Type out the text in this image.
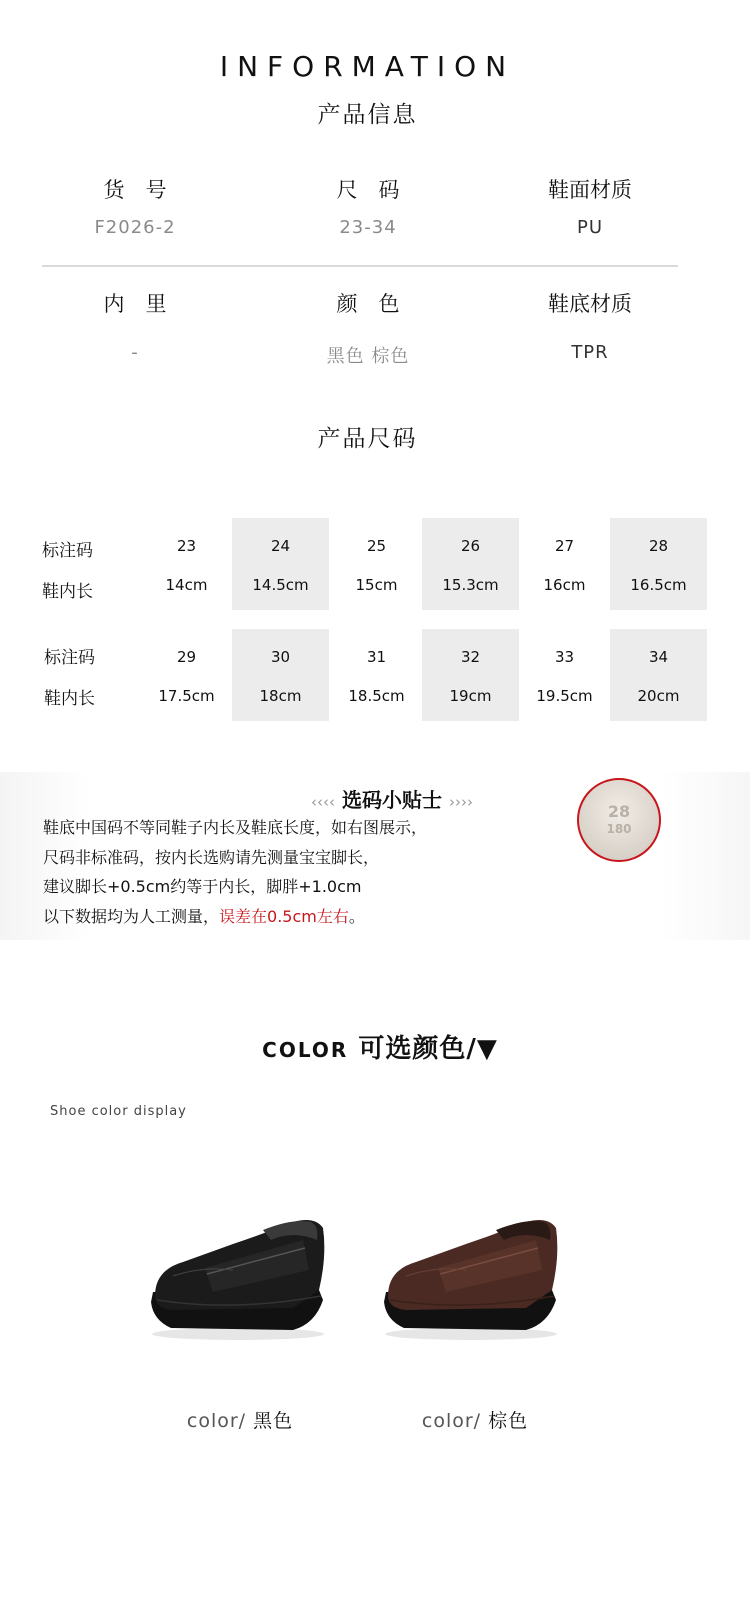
INFORMATION
产品信息
货　号
F2026-2
尺　码
23-34
鞋面材质
PU
内　里
-
颜　色
黑色 棕色
鞋底材质
TPR
产品尺码
标注码
鞋内长
23
14cm
24
14.5cm
25
15cm
26
15.3cm
27
16cm
28
16.5cm
标注码
鞋内长
29
17.5cm
30
18cm
31
18.5cm
32
19cm
33
19.5cm
34
20cm
‹‹‹‹ 选码小贴士 ››››
鞋底中国码不等同鞋子内长及鞋底长度，如右图展示，
尺码非标准码，按内长选购请先测量宝宝脚长，
建议脚长+0.5cm约等于内长，脚胖+1.0cm
以下数据均为人工测量，误差在0.5cm左右。
28
180
COLOR 可选颜色/▼
Shoe color display
color/ 黑色	color/ 棕色
